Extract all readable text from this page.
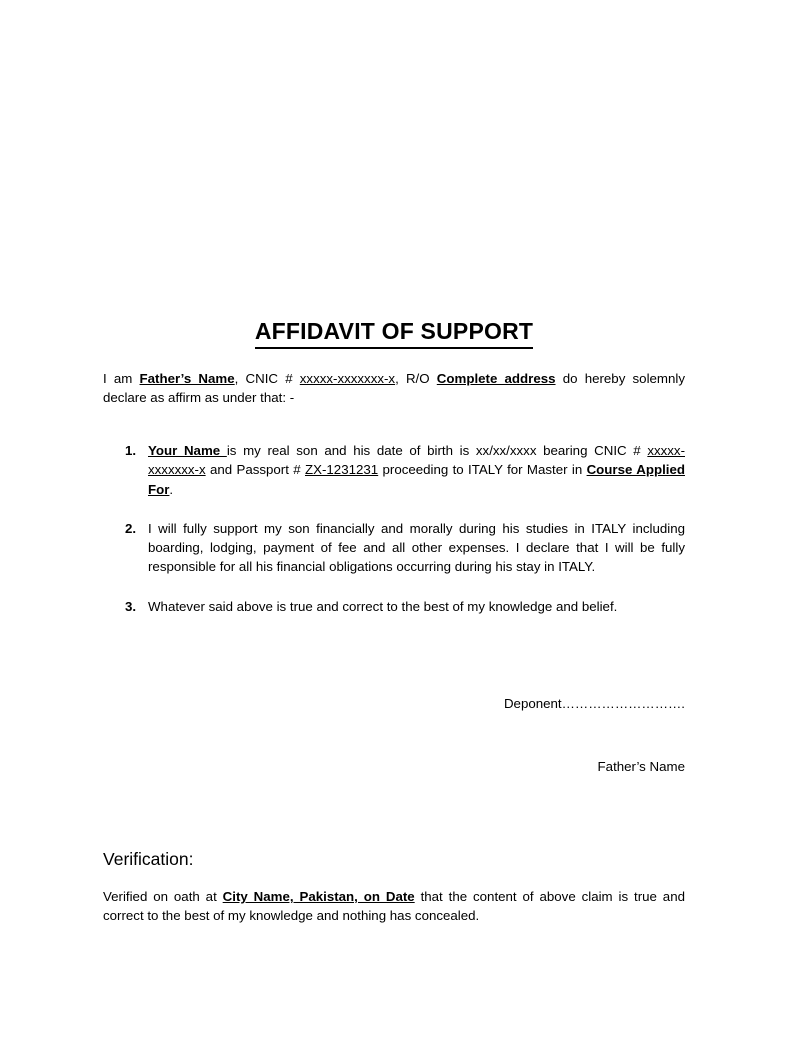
AFFIDAVIT OF SUPPORT

I am Father’s Name, CNIC # xxxxx-xxxxxxx-x, R/O Complete address do hereby solemnly declare as affirm as under that: -

Your Name is my real son and his date of birth is xx/xx/xxxx bearing CNIC # xxxxx-xxxxxxx-x and Passport # ZX-1231231 proceeding to ITALY for Master in Course Applied For.
I will fully support my son financially and morally during his studies in ITALY including boarding, lodging, payment of fee and all other expenses. I declare that I will be fully responsible for all his financial obligations occurring during his stay in ITALY.
Whatever said above is true and correct to the best of my knowledge and belief.
Deponent……………………….
Father’s Name
Verification:

Verified on oath at City Name, Pakistan, on Date that the content of above claim is true and correct to the best of my knowledge and nothing has concealed.
